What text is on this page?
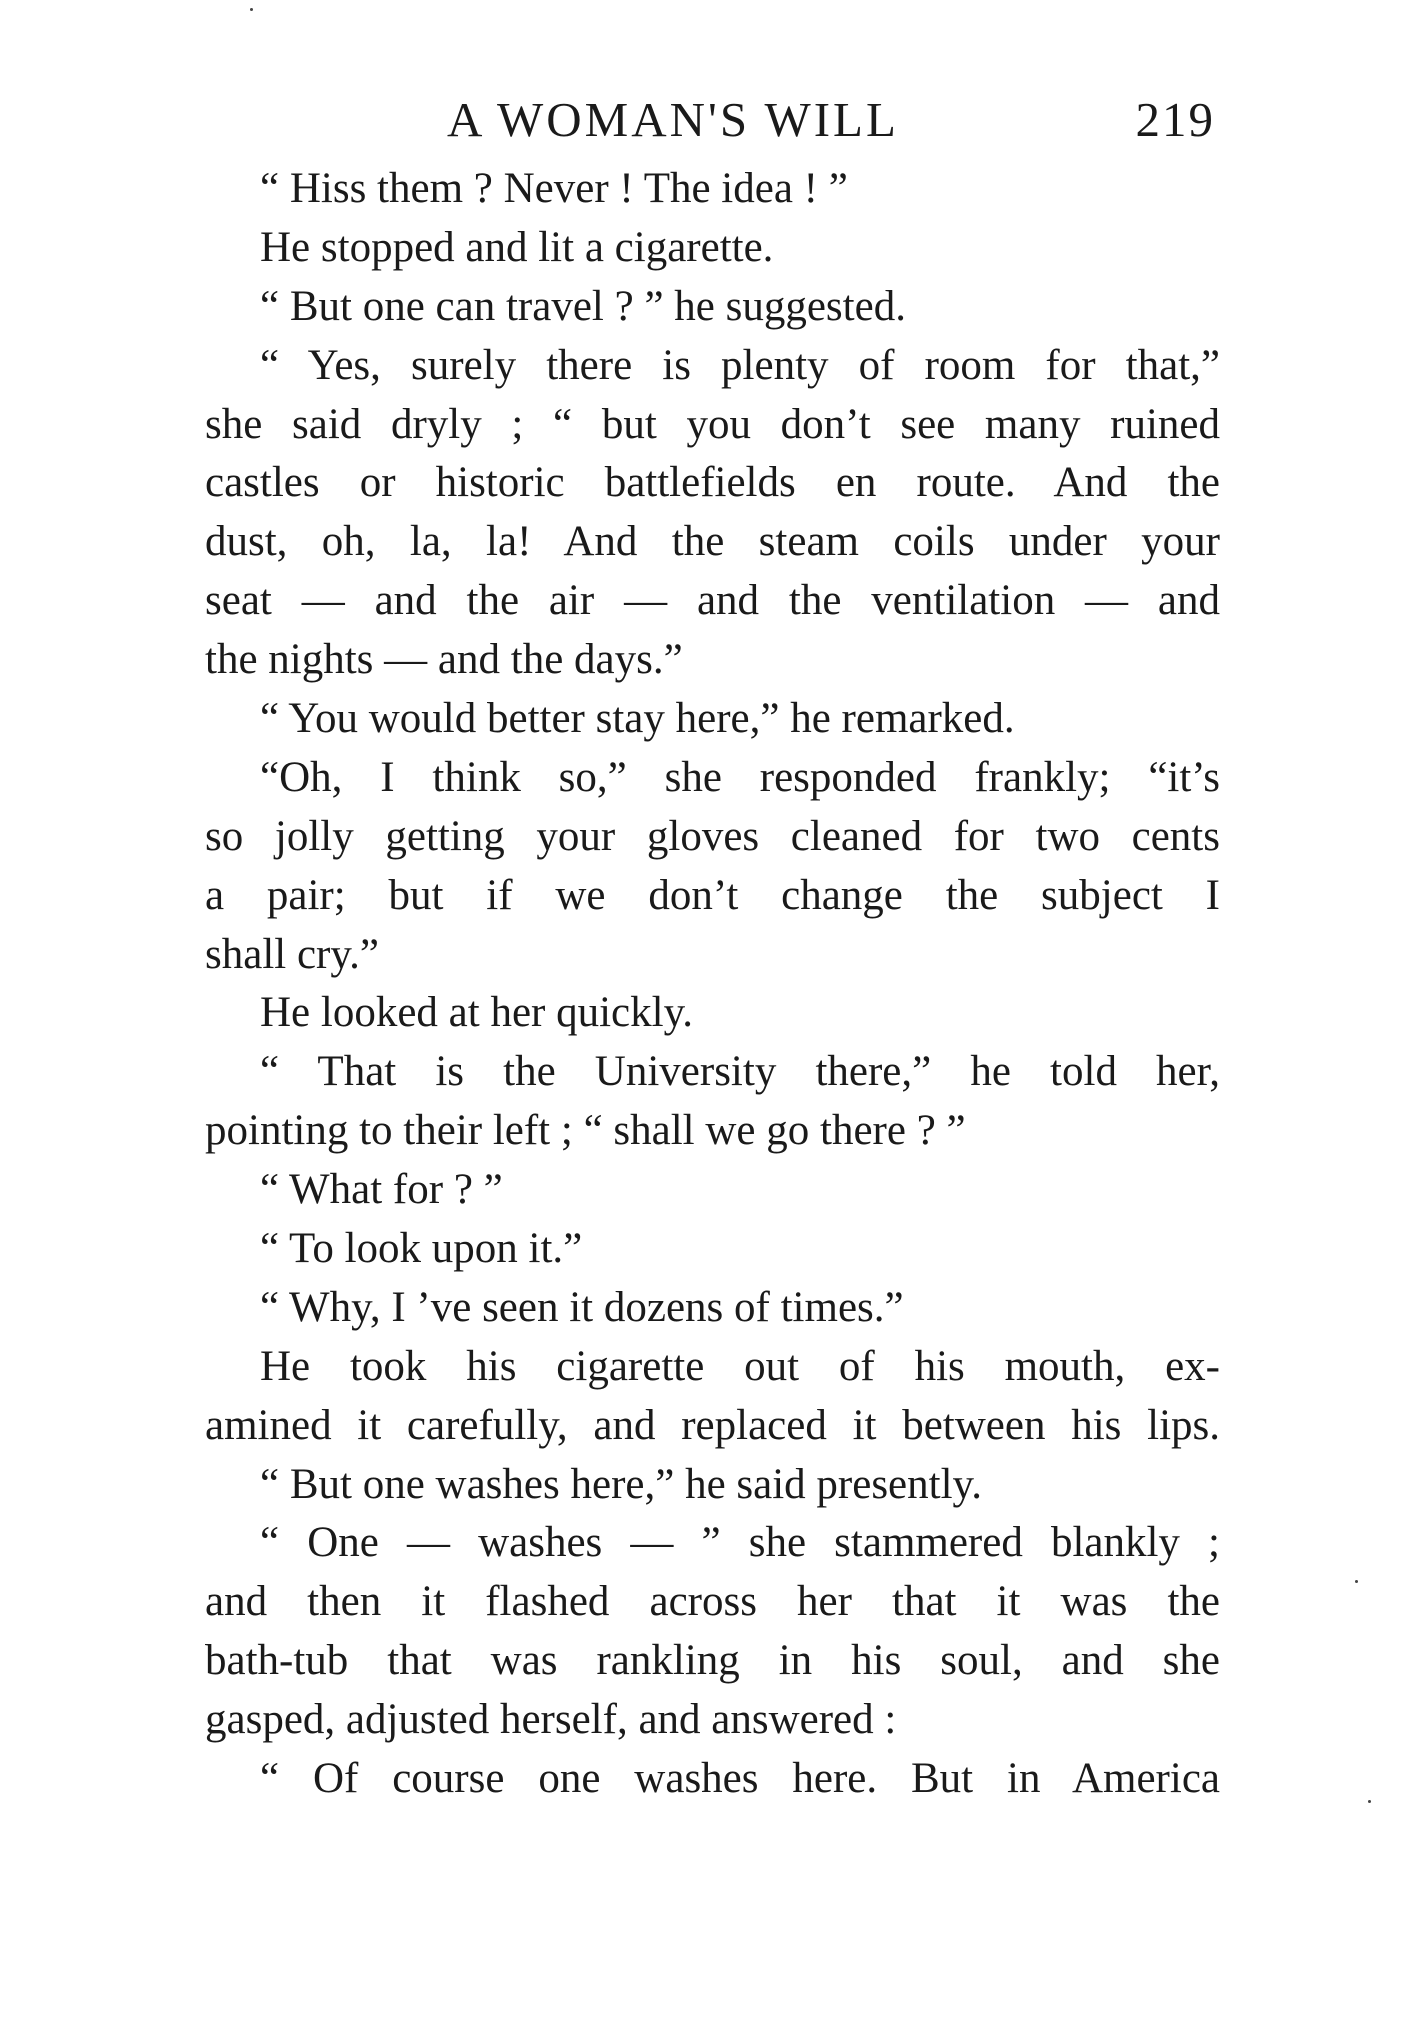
A WOMAN'S WILL	219
“ Hiss them ? Never ! The idea ! ”
He stopped and lit a cigarette.
“ But one can travel ? ” he suggested.
“ Yes, surely there is plenty of room for that,”
she said dryly ; “ but you don’t see many ruined
castles or historic battlefields en route. And the
dust, oh, la, la! And the steam coils under your
seat — and the air — and the ventilation — and
the nights — and the days.”
“ You would better stay here,” he remarked.
“Oh, I think so,” she responded frankly; “it’s
so jolly getting your gloves cleaned for two cents
a pair; but if we don’t change the subject I
shall cry.”
He looked at her quickly.
“ That is the University there,” he told her,
pointing to their left ; “ shall we go there ? ”
“ What for ? ”
“ To look upon it.”
“ Why, I ’ve seen it dozens of times.”
He took his cigarette out of his mouth, ex-
amined it carefully, and replaced it between his lips.
“ But one washes here,” he said presently.
“ One — washes — ” she stammered blankly ;
and then it flashed across her that it was the
bath-tub that was rankling in his soul, and she
gasped, adjusted herself, and answered :
“ Of course one washes here. But in America
